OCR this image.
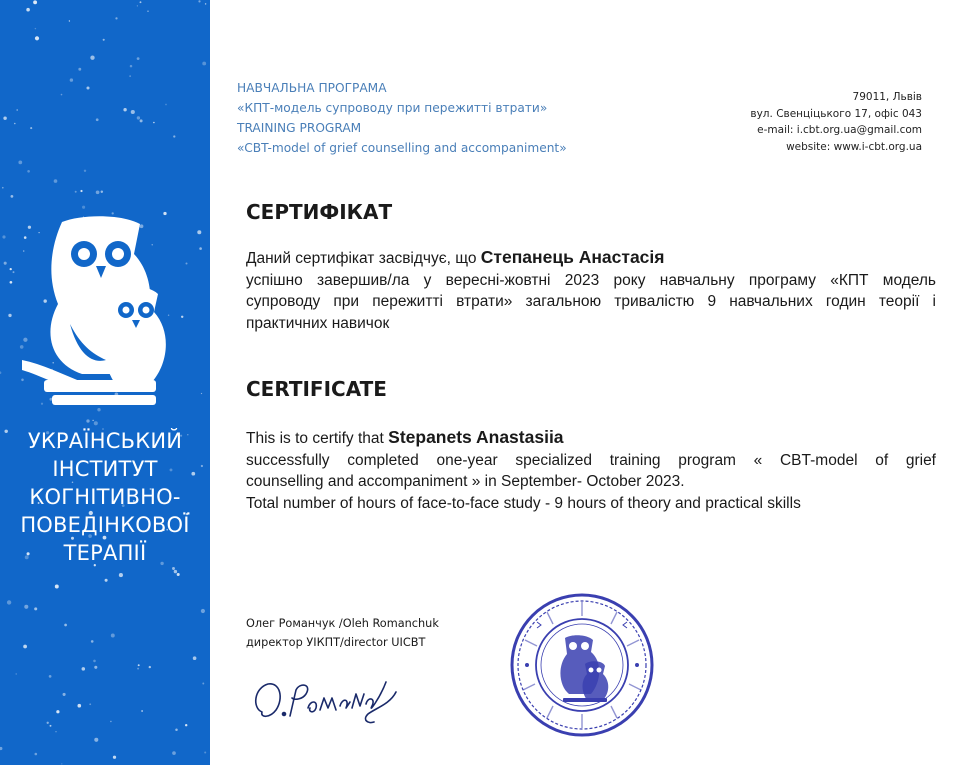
УКРАЇНСЬКИЙ
ІНСТИТУТ
КОГНІТИВНО-
ПОВЕДІНКОВОЇ
ТЕРАПІЇ
НАВЧАЛЬНА ПРОГРАМА
«КПТ-модель супроводу при пережитті втрати»
TRAINING PROGRAM
«CBT-model of grief counselling and accompaniment»
79011, Львів
вул. Свенціцького 17, офіс 043
e-mail: i.cbt.org.ua@gmail.com
website: www.i-cbt.org.ua
СЕРТИФІКАТ
Даний сертифікат засвідчує, що Степанець Анастасія
успішно завершив/ла у вересні-жовтні 2023 року навчальну програму «КПТ модель
супроводу при пережитті втрати» загальною тривалістю 9 навчальних годин теорії і
практичних навичок
CERTIFICATE
This is to certify that Stepanets Anastasiia
successfully completed one-year specialized training program « CBT-model of grief
counselling and accompaniment » in September- October 2023.
Total number of hours of face-to-face study - 9 hours of theory and practical skills
Олег Романчук /Oleh Romanchuk
директор УІКПТ/director UICBT
